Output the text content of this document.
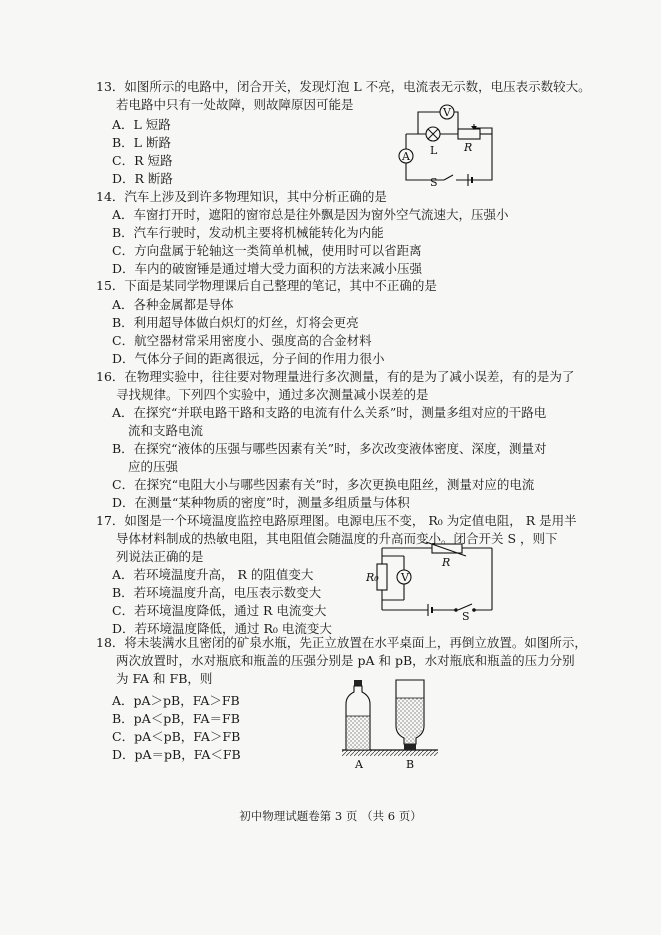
13．如图所示的电路中，闭合开关，发现灯泡 L 不亮，电流表无示数，电压表示数较大。
若电路中只有一处故障，则故障原因可能是
A．L 短路
B．L 断路
C．R 短路
D．R 断路
V
A L R
S
14．汽车上涉及到许多物理知识，其中分析正确的是
A．车窗打开时，遮阳的窗帘总是往外飘是因为窗外空气流速大，压强小
B．汽车行驶时，发动机主要将机械能转化为内能
C．方向盘属于轮轴这一类简单机械，使用时可以省距离
D．车内的破窗锤是通过增大受力面积的方法来减小压强
15．下面是某同学物理课后自己整理的笔记，其中不正确的是
A．各种金属都是导体
B．利用超导体做白炽灯的灯丝，灯将会更亮
C．航空器材常采用密度小、强度高的合金材料
D．气体分子间的距离很远，分子间的作用力很小
16．在物理实验中，往往要对物理量进行多次测量，有的是为了减小误差，有的是为了
寻找规律。下列四个实验中，通过多次测量减小误差的是
A．在探究“并联电路干路和支路的电流有什么关系”时，测量多组对应的干路电
流和支路电流
B．在探究“液体的压强与哪些因素有关”时，多次改变液体密度、深度，测量对
应的压强
C．在探究“电阻大小与哪些因素有关”时，多次更换电阻丝，测量对应的电流
D．在测量“某种物质的密度”时，测量多组质量与体积
17．如图是一个环境温度监控电路原理图。电源电压不变， R₀ 为定值电阻， R 是用半
导体材料制成的热敏电阻，其电阻值会随温度的升高而变小。闭合开关 S ，则下
列说法正确的是
A．若环境温度升高， R 的阻值变大
B．若环境温度升高，电压表示数变大
C．若环境温度降低，通过 R 电流变大
D．若环境温度降低，通过 R₀ 电流变大
V
R
R₀
S
18．将未装满水且密闭的矿泉水瓶，先正立放置在水平桌面上，再倒立放置。如图所示，
两次放置时，水对瓶底和瓶盖的压强分别是 pA 和 pB，水对瓶底和瓶盖的压力分别
为 FA 和 FB，则
A．pA＞pB，FA＞FB
B．pA＜pB，FA＝FB
C．pA＜pB，FA＞FB
D．pA＝pB，FA＜FB
A	B
初中物理试题卷第 3 页 （共 6 页）
